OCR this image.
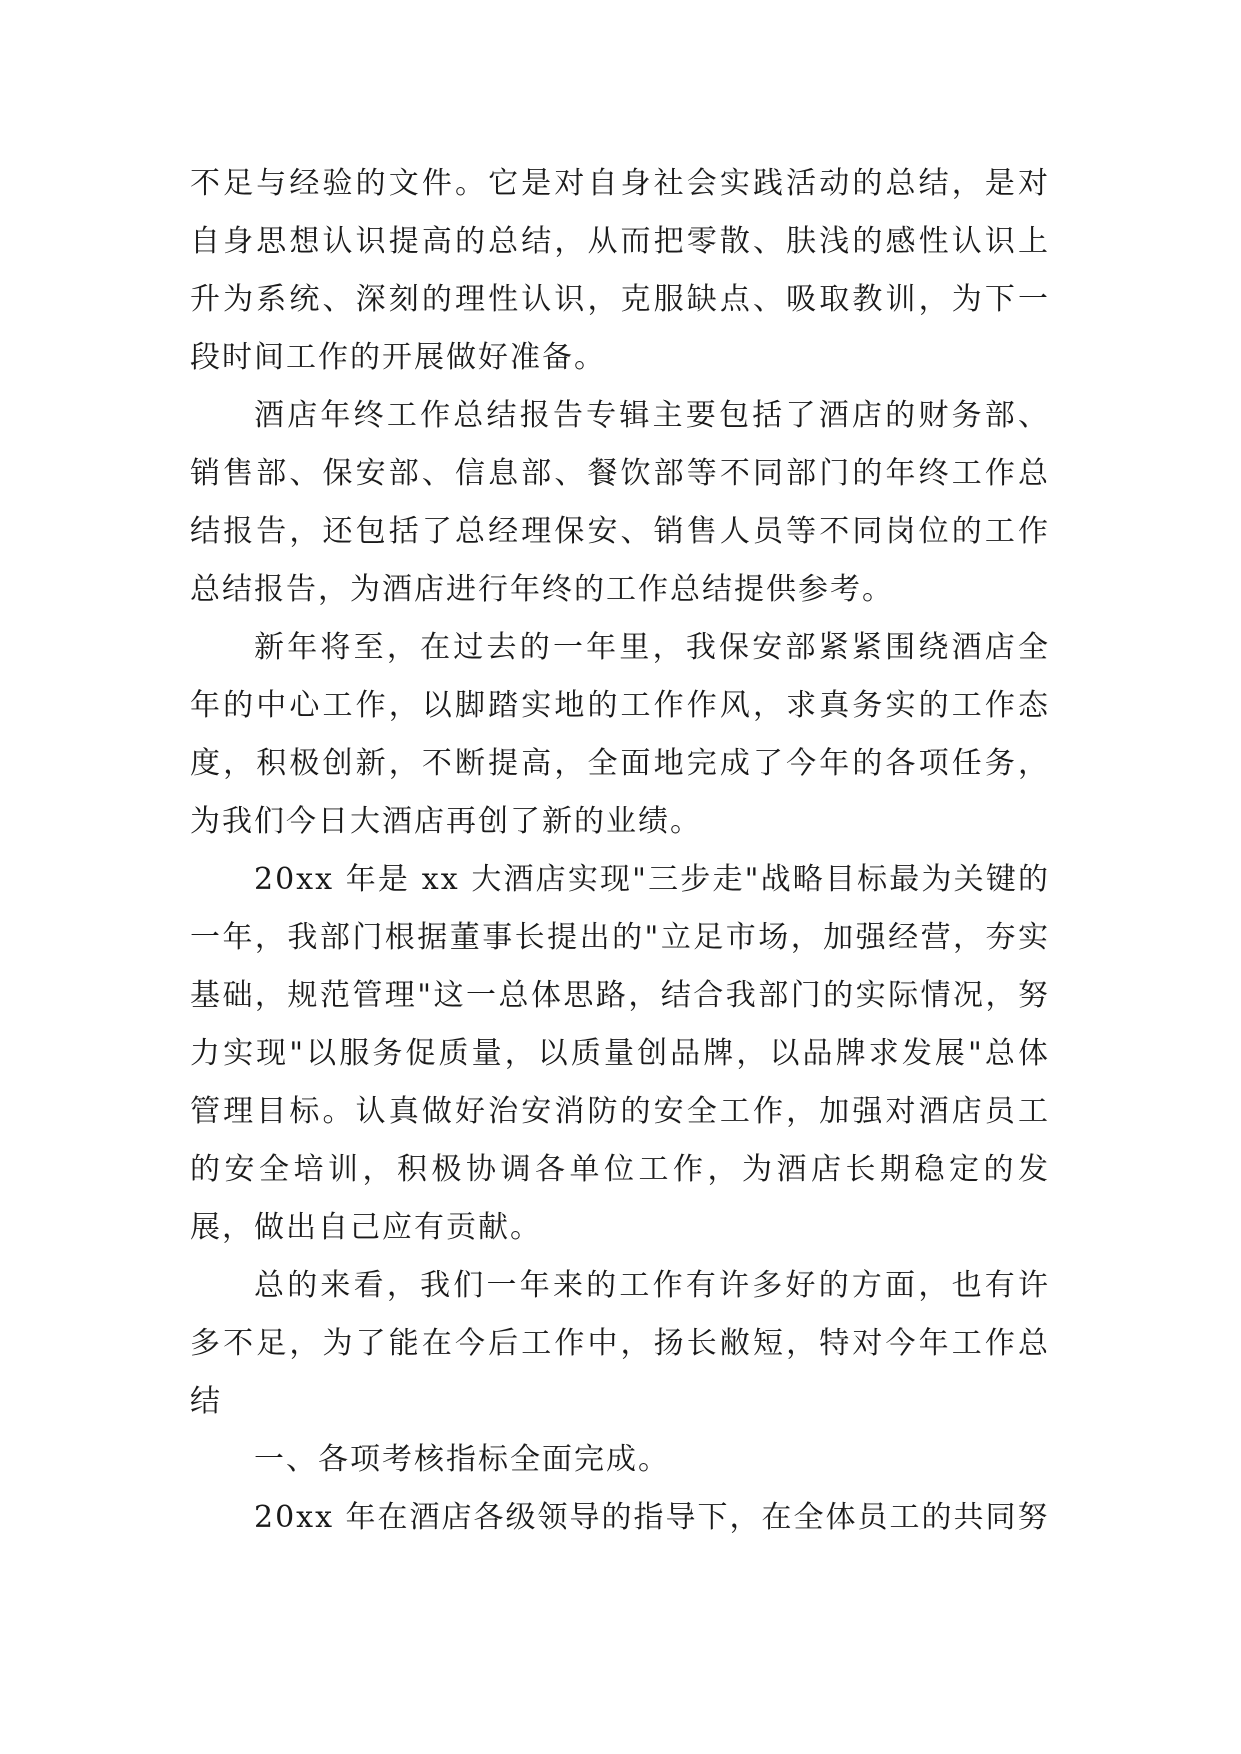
不足与经验的文件。它是对自身社会实践活动的总结，是对自身思想认识提高的总结，从而把零散、肤浅的感性认识上升为系统、深刻的理性认识，克服缺点、吸取教训，为下一段时间工作的开展做好准备。

酒店年终工作总结报告专辑主要包括了酒店的财务部、销售部、保安部、信息部、餐饮部等不同部门的年终工作总结报告，还包括了总经理保安、销售人员等不同岗位的工作总结报告，为酒店进行年终的工作总结提供参考。

新年将至，在过去的一年里，我保安部紧紧围绕酒店全年的中心工作，以脚踏实地的工作作风，求真务实的工作态度，积极创新，不断提高，全面地完成了今年的各项任务，为我们今日大酒店再创了新的业绩。

20xx 年是 xx 大酒店实现"三步走"战略目标最为关键的一年，我部门根据董事长提出的"立足市场，加强经营，夯实基础，规范管理"这一总体思路，结合我部门的实际情况，努力实现"以服务促质量，以质量创品牌，以品牌求发展"总体管理目标。认真做好治安消防的安全工作，加强对酒店员工的安全培训，积极协调各单位工作，为酒店长期稳定的发展，做出自己应有贡献。

总的来看，我们一年来的工作有许多好的方面，也有许多不足，为了能在今后工作中，扬长敝短，特对今年工作总结

一、各项考核指标全面完成。

20xx 年在酒店各级领导的指导下，在全体员工的共同努
